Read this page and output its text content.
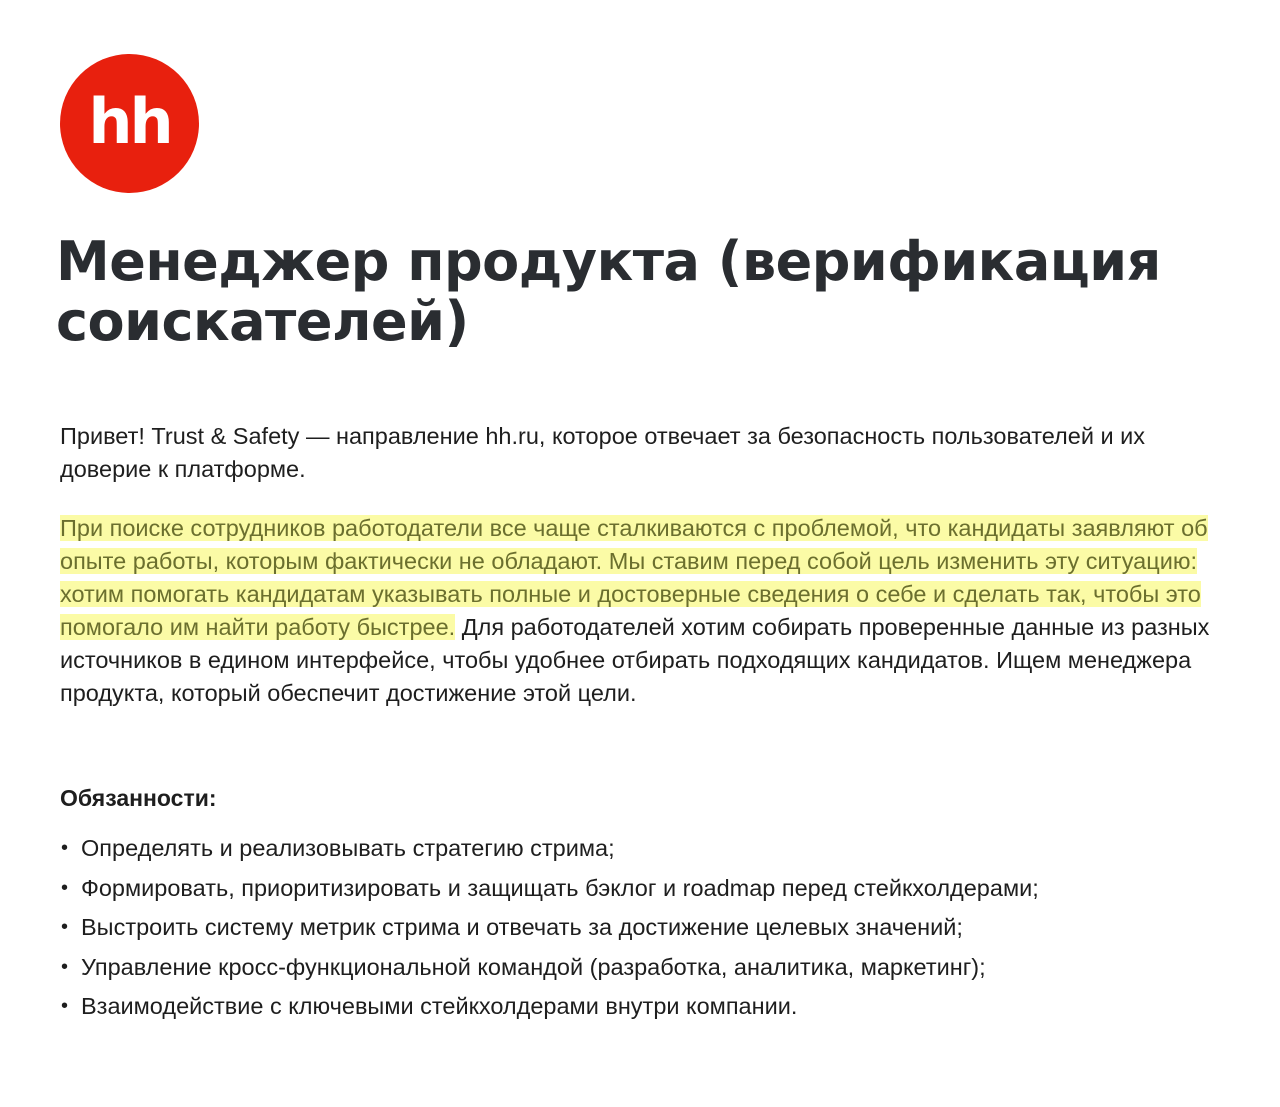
hh
Менеджер продукта (верификация соискателей)

Привет! Trust & Safety — направление hh.ru, которое отвечает за безопасность пользователей и их доверие к платформе.

При поиске сотрудников работодатели все чаще сталкиваются с проблемой, что кандидаты заявляют об опыте работы, которым фактически не обладают. Мы ставим перед собой цель изменить эту ситуацию: хотим помогать кандидатам указывать полные и достоверные сведения о себе и сделать так, чтобы это помогало им найти работу быстрее. Для работодателей хотим собирать проверенные данные из разных источников в едином интерфейсе, чтобы удобнее отбирать подходящих кандидатов. Ищем менеджера продукта, который обеспечит достижение этой цели.

Обязанности:
• Определять и реализовывать стратегию стрима;
• Формировать, приоритизировать и защищать бэклог и roadmap перед стейкхолдерами;
• Выстроить систему метрик стрима и отвечать за достижение целевых значений;
• Управление кросс-функциональной командой (разработка, аналитика, маркетинг);
• Взаимодействие с ключевыми стейкхолдерами внутри компании.
